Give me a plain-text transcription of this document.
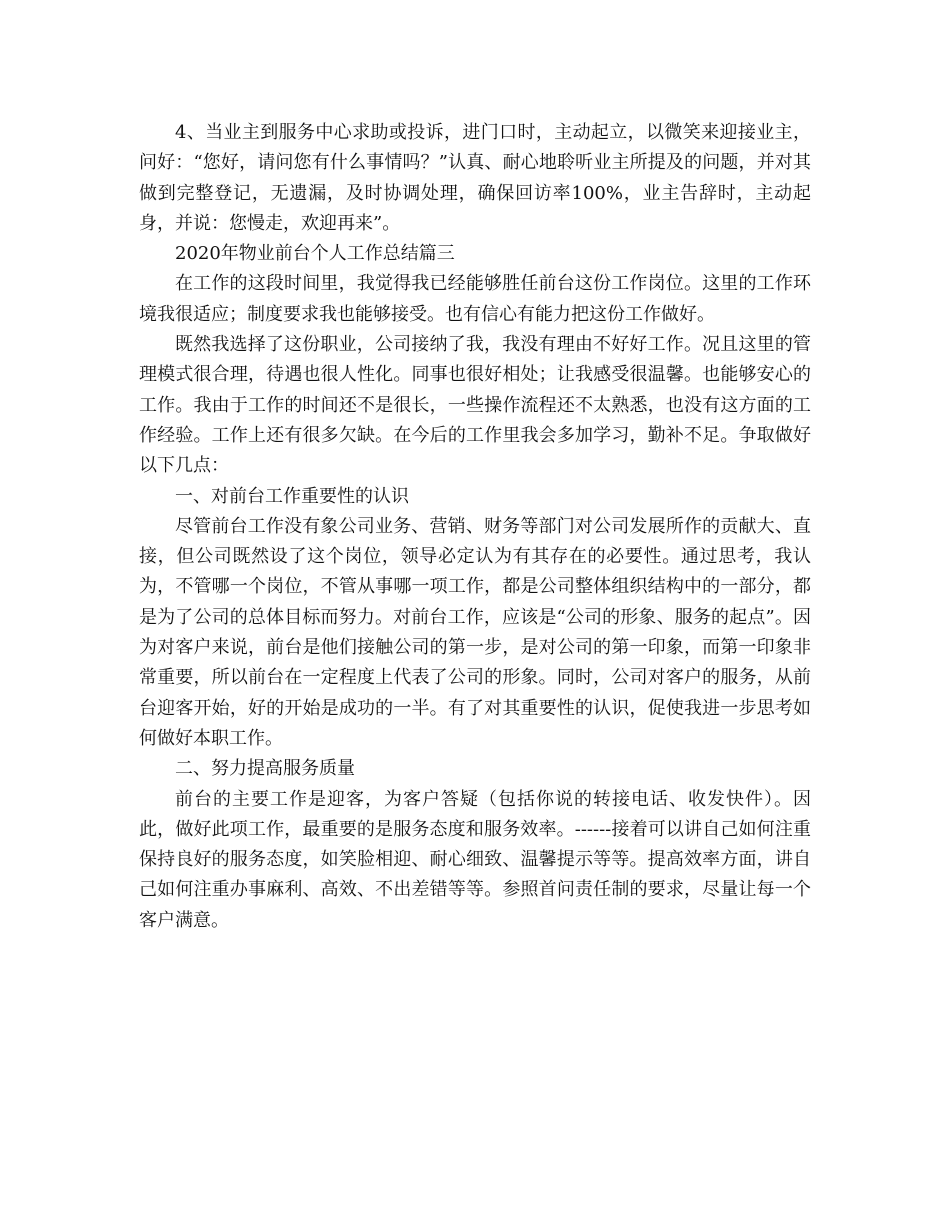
4、当业主到服务中心求助或投诉，进门口时，主动起立，以微笑来迎接业主，问好：“您好，请问您有什么事情吗？”认真、耐心地聆听业主所提及的问题，并对其做到完整登记，无遗漏，及时协调处理，确保回访率100%，业主告辞时，主动起身，并说：您慢走，欢迎再来”。

2020年物业前台个人工作总结篇三

在工作的这段时间里，我觉得我已经能够胜任前台这份工作岗位。这里的工作环境我很适应；制度要求我也能够接受。也有信心有能力把这份工作做好。

既然我选择了这份职业，公司接纳了我，我没有理由不好好工作。况且这里的管理模式很合理，待遇也很人性化。同事也很好相处；让我感受很温馨。也能够安心的工作。我由于工作的时间还不是很长，一些操作流程还不太熟悉，也没有这方面的工作经验。工作上还有很多欠缺。在今后的工作里我会多加学习，勤补不足。争取做好以下几点：

一、对前台工作重要性的认识

尽管前台工作没有象公司业务、营销、财务等部门对公司发展所作的贡献大、直接，但公司既然设了这个岗位，领导必定认为有其存在的必要性。通过思考，我认为，不管哪一个岗位，不管从事哪一项工作，都是公司整体组织结构中的一部分，都是为了公司的总体目标而努力。对前台工作，应该是“公司的形象、服务的起点”。因为对客户来说，前台是他们接触公司的第一步，是对公司的第一印象，而第一印象非常重要，所以前台在一定程度上代表了公司的形象。同时，公司对客户的服务，从前台迎客开始，好的开始是成功的一半。有了对其重要性的认识，促使我进一步思考如何做好本职工作。

二、努力提高服务质量

前台的主要工作是迎客，为客户答疑（包括你说的转接电话、收发快件）。因此，做好此项工作，最重要的是服务态度和服务效率。------接着可以讲自己如何注重保持良好的服务态度，如笑脸相迎、耐心细致、温馨提示等等。提高效率方面，讲自己如何注重办事麻利、高效、不出差错等等。参照首问责任制的要求，尽量让每一个客户满意。
